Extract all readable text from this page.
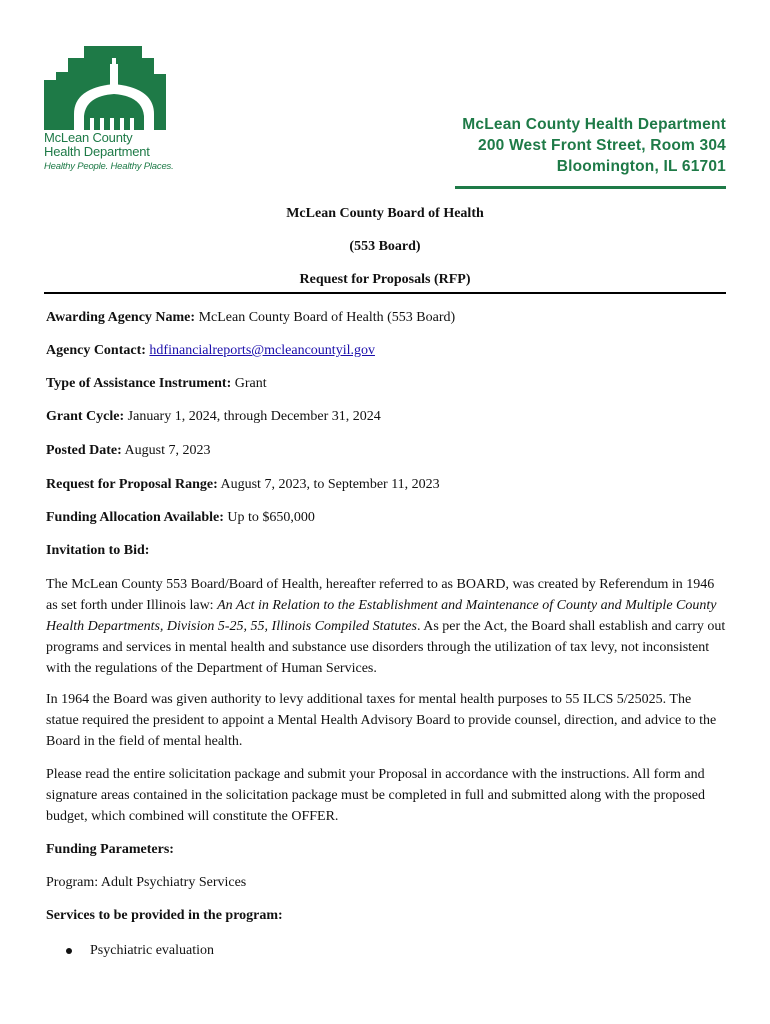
McLean County
Health Department
Healthy People. Healthy Places.
McLean County Health Department
200 West Front Street, Room 304
Bloomington, IL 61701
McLean County Board of Health
(553 Board)
Request for Proposals (RFP)
Awarding Agency Name: McLean County Board of Health (553 Board)
Agency Contact: hdfinancialreports@mcleancountyil.gov
Type of Assistance Instrument: Grant
Grant Cycle: January 1, 2024, through December 31, 2024
Posted Date: August 7, 2023
Request for Proposal Range: August 7, 2023, to September 11, 2023
Funding Allocation Available: Up to $650,000
Invitation to Bid:
The McLean County 553 Board/Board of Health, hereafter referred to as BOARD, was created by Referendum in 1946 as set forth under Illinois law: An Act in Relation to the Establishment and Maintenance of County and Multiple County Health Departments, Division 5-25, 55, Illinois Compiled Statutes. As per the Act, the Board shall establish and carry out programs and services in mental health and substance use disorders through the utilization of tax levy, not inconsistent with the regulations of the Department of Human Services.
In 1964 the Board was given authority to levy additional taxes for mental health purposes to 55 ILCS 5/25025. The statue required the president to appoint a Mental Health Advisory Board to provide counsel, direction, and advice to the Board in the field of mental health.
Please read the entire solicitation package and submit your Proposal in accordance with the instructions. All form and signature areas contained in the solicitation package must be completed in full and submitted along with the proposed budget, which combined will constitute the OFFER.
Funding Parameters:
Program: Adult Psychiatry Services
Services to be provided in the program:
Psychiatric evaluation
